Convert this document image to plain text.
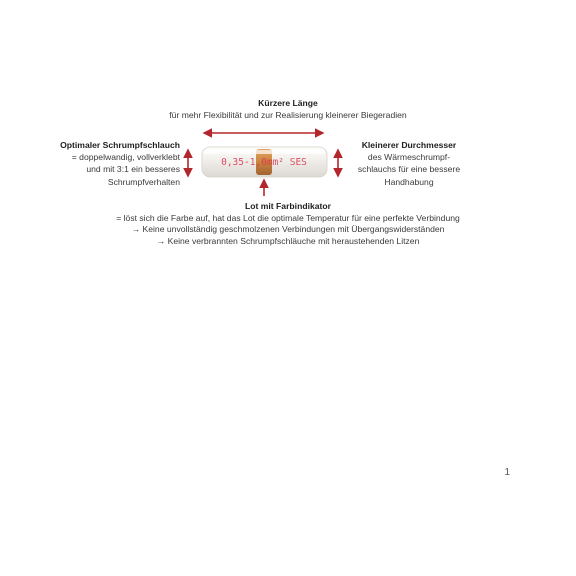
Kürzere Länge
für mehr Flexibilität und zur Realisierung kleinerer Biegeradien
Optimaler Schrumpfschlauch
= doppelwandig, vollverklebt
und mit 3:1 ein besseres
Schrumpfverhalten
Kleinerer Durchmesser
des Wärmeschrumpf-
schlauchs für eine bessere
Handhabung
Lot mit Farbindikator
= löst sich die Farbe auf, hat das Lot die optimale Temperatur für eine perfekte Verbindung
→ Keine unvollständig geschmolzenen Verbindungen mit Übergangswiderständen
→ Keine verbrannten Schrumpfschläuche mit heraustehenden Litzen
0,35-1,0mm² SES
1
